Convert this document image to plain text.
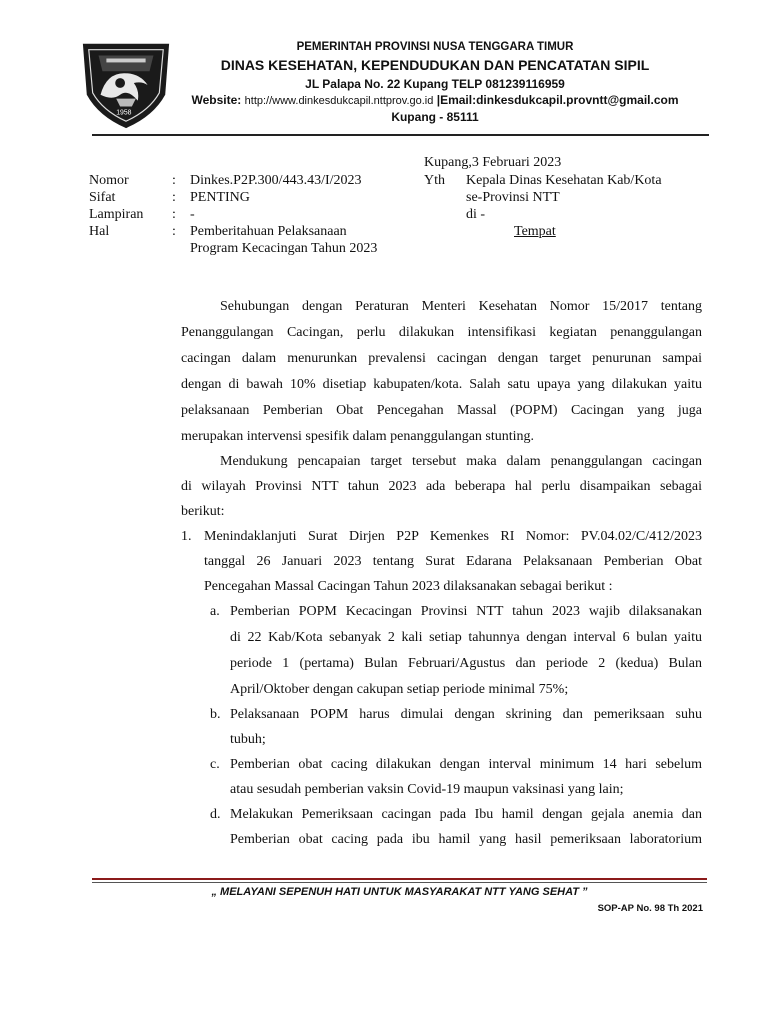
1958
PEMERINTAH PROVINSI NUSA TENGGARA TIMUR
DINAS KESEHATAN, KEPENDUDUKAN DAN PENCATATAN SIPIL
JL Palapa No. 22 Kupang TELP 081239116959
Website: http://www.dinkesdukcapil.nttprov.go.id |Email:dinkesdukcapil.provntt@gmail.com
Kupang - 85111
Kupang,3 Februari 2023
Nomor	: Dinkes.P2P.300/443.43/I/2023
Sifat	: PENTING
Lampiran : -
Hal	: Pemberitahuan Pelaksanaan
Program Kecacingan Tahun 2023
Yth Kepala Dinas Kesehatan Kab/Kota
se-Provinsi NTT
di -
Tempat
Sehubungan dengan Peraturan Menteri Kesehatan Nomor 15/2017 tentang
Penanggulangan Cacingan, perlu dilakukan intensifikasi kegiatan penanggulangan
cacingan dalam menurunkan prevalensi cacingan dengan target penurunan sampai
dengan di bawah 10% disetiap kabupaten/kota. Salah satu upaya yang dilakukan yaitu
pelaksanaan Pemberian Obat Pencegahan Massal (POPM) Cacingan yang juga
merupakan intervensi spesifik dalam penanggulangan stunting.
Mendukung pencapaian target tersebut maka dalam penanggulangan cacingan
di wilayah Provinsi NTT tahun 2023 ada beberapa hal perlu disampaikan sebagai
berikut:
1. Menindaklanjuti Surat Dirjen P2P Kemenkes RI Nomor: PV.04.02/C/412/2023
tanggal 26 Januari 2023 tentang Surat Edarana Pelaksanaan Pemberian Obat
Pencegahan Massal Cacingan Tahun 2023 dilaksanakan sebagai berikut :
a. Pemberian POPM Kecacingan Provinsi NTT tahun 2023 wajib dilaksanakan
di 22 Kab/Kota sebanyak 2 kali setiap tahunnya dengan interval 6 bulan yaitu
periode 1 (pertama) Bulan Februari/Agustus dan periode 2 (kedua) Bulan
April/Oktober dengan cakupan setiap periode minimal 75%;
b. Pelaksanaan POPM harus dimulai dengan skrining dan pemeriksaan suhu
tubuh;
c. Pemberian obat cacing dilakukan dengan interval minimum 14 hari sebelum
atau sesudah pemberian vaksin Covid-19 maupun vaksinasi yang lain;
d. Melakukan Pemeriksaan cacingan pada Ibu hamil dengan gejala anemia dan
Pemberian obat cacing pada ibu hamil yang hasil pemeriksaan laboratorium
„ MELAYANI SEPENUH HATI UNTUK MASYARAKAT NTT YANG SEHAT ”
SOP-AP No. 98 Th 2021
